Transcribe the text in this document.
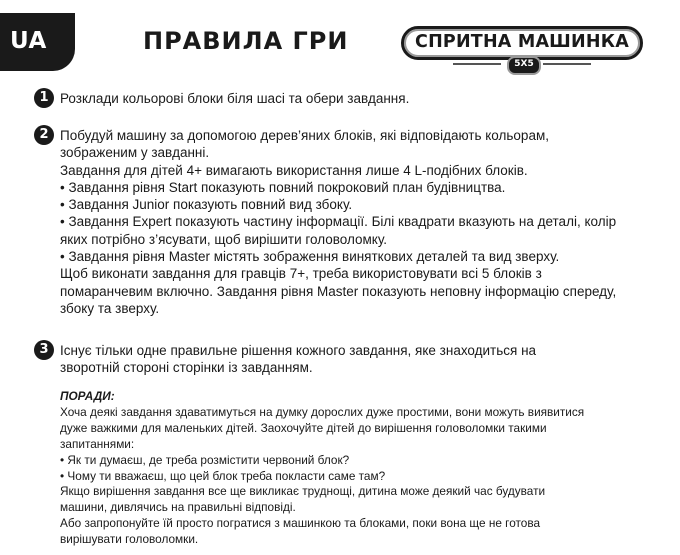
UA	ПРАВИЛА ГРИ	СПРИТНА МАШИНКА
5X5
1 Розклади кольорові блоки біля шасі та обери завдання.
2 Побудуй машину за допомогою дерев’яних блоків, які відповідають кольорам,
зображеним у завданні.
Завдання для дітей 4+ вимагають використання лише 4 L-подібних блоків.
• Завдання рівня Start показують повний покроковий план будівництва.
• Завдання Junior показують повний вид збоку.
• Завдання Expert показують частину інформації. Білі квадрати вказують на деталі, колір
яких потрібно з’ясувати, щоб вирішити головоломку.
• Завдання рівня Master містять зображення виняткових деталей та вид зверху.
Щоб виконати завдання для гравців 7+, треба використовувати всі 5 блоків з
помаранчевим включно. Завдання рівня Master показують неповну інформацію спереду,
збоку та зверху.
3 Існує тільки одне правильне рішення кожного завдання, яке знаходиться на
зворотній стороні сторінки із завданням.
ПОРАДИ:
Хоча деякі завдання здаватимуться на думку дорослих дуже простими, вони можуть виявитися
дуже важкими для маленьких дітей. Заохочуйте дітей до вирішення головоломки такими
запитаннями:
• Як ти думаєш, де треба розмістити червоний блок?
• Чому ти вважаєш, що цей блок треба покласти саме там?
Якщо вирішення завдання все ще викликає труднощі, дитина може деякий час будувати
машини, дивлячись на правильні відповіді.
Або запропонуйте їй просто погратися з машинкою та блоками, поки вона ще не готова
вирішувати головоломки.
